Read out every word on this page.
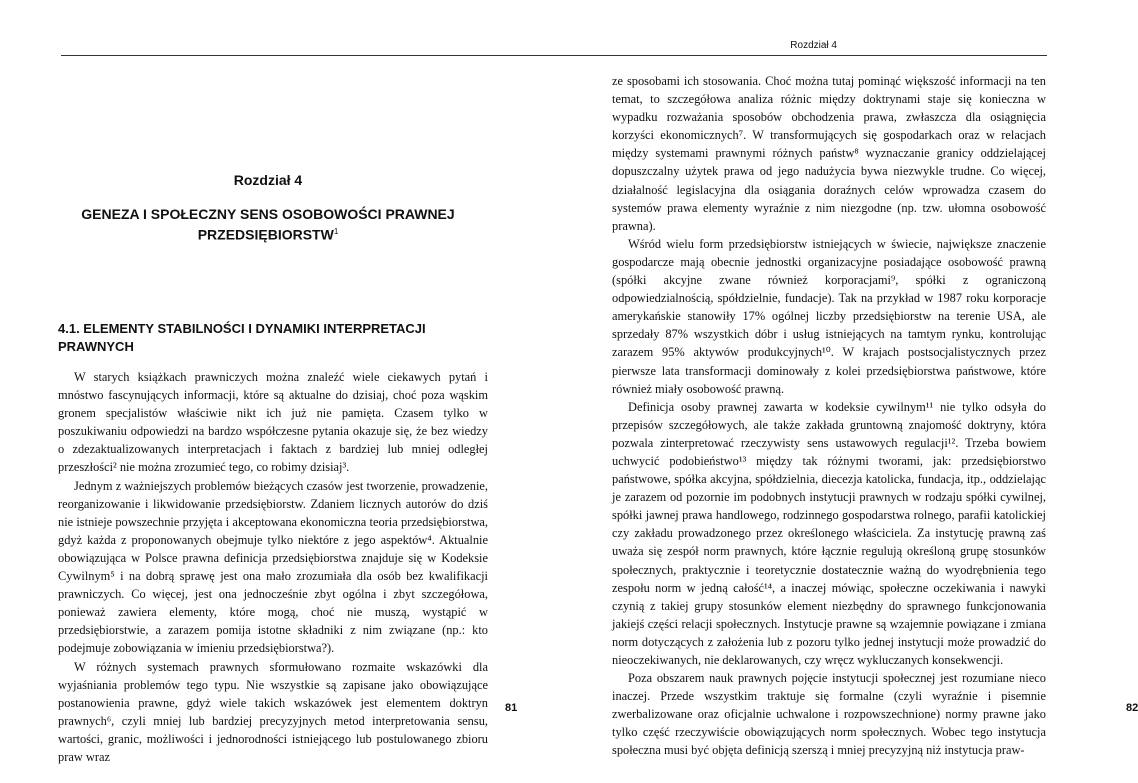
Rozdział 4
Rozdział 4
GENEZA I SPOŁECZNY SENS OSOBOWOŚCI PRAWNEJ
PRZEDSIĘBIORSTW$^1$
4.1. ELEMENTY STABILNOŚCI I DYNAMIKI INTERPRETACJI
PRAWNYCH

W starych książkach prawniczych można znaleźć wiele ciekawych pytań i mnóstwo fascynujących informacji, które są aktualne do dzisiaj, choć poza wąskim gronem specjalistów właściwie nikt ich już nie pamięta. Czasem tylko w poszukiwaniu odpowiedzi na bardzo współczesne pytania okazuje się, że bez wiedzy o zdezaktualizowanych interpretacjach i faktach z bardziej lub mniej odległej przeszłości² nie można zrozumieć tego, co robimy dzisiaj³.

Jednym z ważniejszych problemów bieżących czasów jest tworzenie, prowadzenie, reorganizowanie i likwidowanie przedsiębiorstw. Zdaniem licznych autorów do dziś nie istnieje powszechnie przyjęta i akceptowana ekonomiczna teoria przedsiębiorstwa, gdyż każda z proponowanych obejmuje tylko niektóre z jego aspektów⁴. Aktualnie obowiązująca w Polsce prawna definicja przedsiębiorstwa znajduje się w Kodeksie Cywilnym⁵ i na dobrą sprawę jest ona mało zrozumiała dla osób bez kwalifikacji prawniczych. Co więcej, jest ona jednocześnie zbyt ogólna i zbyt szczegółowa, ponieważ zawiera elementy, które mogą, choć nie muszą, wystąpić w przedsiębiorstwie, a zarazem pomija istotne składniki z nim związane (np.: kto podejmuje zobowiązania w imieniu przedsiębiorstwa?).

W różnych systemach prawnych sformułowano rozmaite wskazówki dla wyjaśniania problemów tego typu. Nie wszystkie są zapisane jako obowiązujące postanowienia prawne, gdyż wiele takich wskazówek jest elementem doktryn prawnych⁶, czyli mniej lub bardziej precyzyjnych metod interpretowania sensu, wartości, granic, możliwości i jednorodności istniejącego lub postulowanego zbioru praw wraz

81	82

ze sposobami ich stosowania. Choć można tutaj pominąć większość informacji na ten temat, to szczegółowa analiza różnic między doktrynami staje się konieczna w wypadku rozważania sposobów obchodzenia prawa, zwłaszcza dla osiągnięcia korzyści ekonomicznych⁷. W transformujących się gospodarkach oraz w relacjach między systemami prawnymi różnych państw⁸ wyznaczanie granicy oddzielającej dopuszczalny użytek prawa od jego nadużycia bywa niezwykle trudne. Co więcej, działalność legislacyjna dla osiągania doraźnych celów wprowadza czasem do systemów prawa elementy wyraźnie z nim niezgodne (np. tzw. ułomna osobowość prawna).

Wśród wielu form przedsiębiorstw istniejących w świecie, największe znaczenie gospodarcze mają obecnie jednostki organizacyjne posiadające osobowość prawną (spółki akcyjne zwane również korporacjami⁹, spółki z ograniczoną odpowiedzialnością, spółdzielnie, fundacje). Tak na przykład w 1987 roku korporacje amerykańskie stanowiły 17% ogólnej liczby przedsiębiorstw na terenie USA, ale sprzedały 87% wszystkich dóbr i usług istniejących na tamtym rynku, kontrolując zarazem 95% aktywów produkcyjnych¹⁰. W krajach postsocjalistycznych przez pierwsze lata transformacji dominowały z kolei przedsiębiorstwa państwowe, które również miały osobowość prawną.

Definicja osoby prawnej zawarta w kodeksie cywilnym¹¹ nie tylko odsyła do przepisów szczegółowych, ale także zakłada gruntowną znajomość doktryny, która pozwala zinterpretować rzeczywisty sens ustawowych regulacji¹². Trzeba bowiem uchwycić podobieństwo¹³ między tak różnymi tworami, jak: przedsiębiorstwo państwowe, spółka akcyjna, spółdzielnia, diecezja katolicka, fundacja, itp., oddzielając je zarazem od pozornie im podobnych instytucji prawnych w rodzaju spółki cywilnej, spółki jawnej prawa handlowego, rodzinnego gospodarstwa rolnego, parafii katolickiej czy zakładu prowadzonego przez określonego właściciela. Za instytucję prawną zaś uważa się zespół norm prawnych, które łącznie regulują określoną grupę stosunków społecznych, praktycznie i teoretycznie dostatecznie ważną do wyodrębnienia tego zespołu norm w jedną całość¹⁴, a inaczej mówiąc, społeczne oczekiwania i nawyki czynią z takiej grupy stosunków element niezbędny do sprawnego funkcjonowania jakiejś części relacji społecznych. Instytucje prawne są wzajemnie powiązane i zmiana norm dotyczących z założenia lub z pozoru tylko jednej instytucji może prowadzić do nieoczekiwanych, nie deklarowanych, czy wręcz wykluczanych konsekwencji.

Poza obszarem nauk prawnych pojęcie instytucji społecznej jest rozumiane nieco inaczej. Przede wszystkim traktuje się formalne (czyli wyraźnie i pisemnie zwerbalizowane oraz oficjalnie uchwalone i rozpowszechnione) normy prawne jako tylko część rzeczywiście obowiązujących norm społecznych. Wobec tego instytucja społeczna musi być objęta definicją szerszą i mniej precyzyjną niż instytucja praw-
